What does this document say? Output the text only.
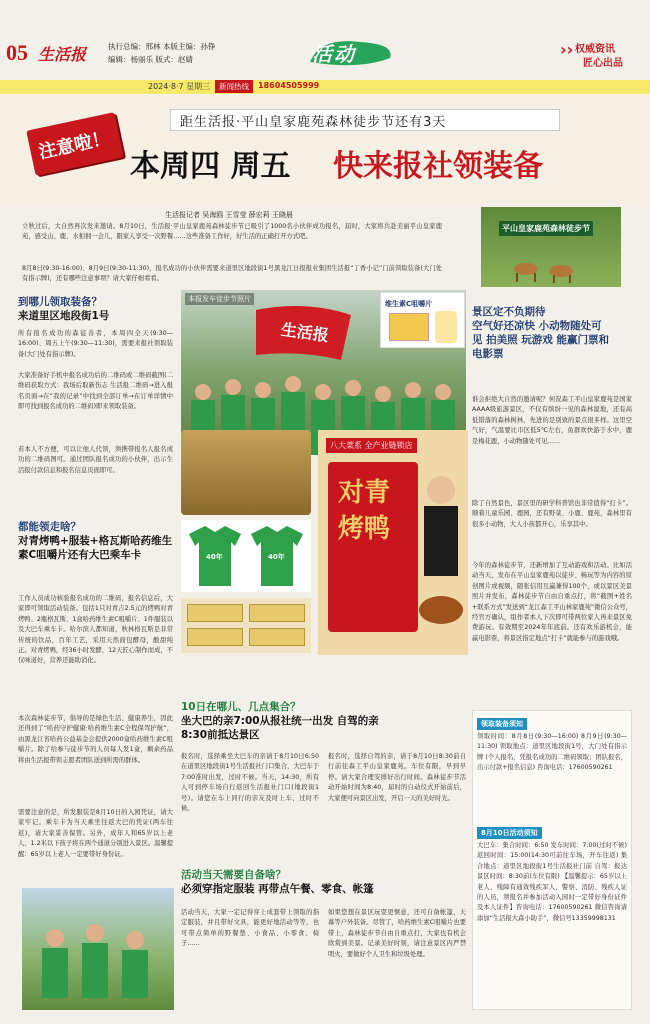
05 生活报	执行总编：邢林 本版主编：孙铮
编辑：杨丽乐 版式：赵婧	活动	›› 权威资讯
匠心出品
2024·8·7 星期三	新闻热线	18604505999
距生活报·平山皇家鹿苑森林徒步节还有3天
注意啦！
本周四 周五 快来报社领装备
生活报记者 吴海鸥 王雪莹 薛宏莉 王晓晨
立秋过后，大自然再次发来邀请。8月10日，生活报·平山皇家鹿苑森林徒步节已吸引了1000名小伙伴成功报名，届时，大家将共赴美丽平山皇家鹿苑，感受山、鹿、水相拥一会儿，跟家人享受一次野餐……这些准备工作好，好生活的正确打开方式吧。
8月8日(9:30-16:00)、8月9日(9:30-11:30)，报名成功的小伙伴需要来道里区地段街1号黑龙江日报报业集团生活报“丁香小记”门前领取装备(大门处有指示牌)，还有哪些注意事项？请大家仔细看看。
平山皇家鹿苑森林徒步节
本报发车徒步节照片
生活报
维生素C咀嚼片
40年	40年
八大菜系 全产业链锁店
对青烤鸭
到哪儿领取装备？
来道里区地段街1号
所有报名成功的森徒善者，本周四全天(9:30—16:00)、周五上午(9:30—11:30)，需要来报社领取装备(大门处有指示牌)。
大家准备好手机中报名成功后的二维码或二维码截图(二维码获取方式：我场后取新伤志 生活报二维码→进入报名页面→在“我的记录”中找到全部订单→在订单详情中即可找到报名成功的二维码)即来领取装备。
若本人不方便，可以让他人代领，须携带报名人报名成功的二维码图可。通过团队报名成功的小伙伴，出示生活报付款信息和报名信息页面即可。
都能领走啥？
对青烤鸭+服装+格瓦斯哈药维生素C咀嚼片还有大巴乘车卡
工作人员成功核验报名成功的二维码，报名信息后，大家即可领取活动装备。包括1只对青吉2.5元的烤鸭对青烤鸭、2瓶格瓦斯、1盒哈药维生素C咀嚼片、1件服装以及大巴车乘车卡。哈尔滨人都知道，秋林格瓦斯是非常传统的饮品，百年工艺，采用天然面包酵母，酸甜纯正。对青烤鸭，经36小时发酵，12天匠心制作而成，不仅味道好，营养还能助消化。
本次森林徒步节，倡导的是绿色生活、健康养生，因此还得到了“哈药守护健康·哈药维生素C全程保驾护航”，由黑龙江省哈药公益基金会提供2000盒哈药维生素C咀嚼片。除了给参与徒步节的人员每人发1盒，剩余药品将由生活报带领志愿者团队送到所需的群体。
需要注意的是，所发服装是8月10日的入园凭证，请大家牢记。乘车卡为当天乘坐往返大巴的凭证(两车往返)，请大家妥善保管。另外，成年人和65岁以上老人、1.2米以下孩子将在两个通道分别进入景区。温馨提醒：65岁以上老人一定要带好身份证。
景区定不负期待
空气好还凉快 小动物随处可见 拍美照 玩游戏 能赢门票和电影票
谁会拒绝大自然的邀请呢？何况森工平山皇家鹿苑是国家AAAA级旅游景区，不仅有缤纷一见的森林湿地，还有高低错落的森林树林，先进的是别致的景点很多样。这里空气好，气温要比市区低5℃左右，鱼群欢快游于水中，鹿是梅花鹿，小动物随处可见……
除了自然景色，景区里的研学科普馆也非常值得“打卡”。顺着儿童乐园、鹿园，还有野菜、小鹿、鹿苑，森林里有很多小动物，大人小孩都开心，乐享其中。
今年的森林徒步节，还新增加了互动游戏和活动。比如活动当天，发布在平山皇家鹿苑以徒步、畅玩等为内容的原创图片或视频，随张信用互赢兼得100个，或以景区美景照片并发布，森林徒步节自由自重点打，将“截图+姓名+联系方式”发送到“龙江森工平山林家鹿苑”微信公众号，经官方确认，组作者本人下次即可带两位家人再来景区免费游玩。有效期至2024年年底前。还有欢乐游机会，能赢电影票，将景区指定地点“打卡”就能参与的游戏哦。
领取装备须知
领取时间：8月8日(9:30—16:00) 8月9日(9:30—11:30) 领取地点：道里区地段街1号，大门处有指示牌 (个人报名，凭报名成功的二维码领取；团队报名，出示付款+报名信息) 咨询电话：17600590261
8月10日活动须知
大巴车：集合时间：6:50 发车时间：7:00(过时不候) 返回时间：15:00(14:30可前往车场，开车往返) 集合地点：道里区地段街1号生活报社门前 自驾：报达景区时间：8:30前(车位有限) 【温馨提示：65岁以上老人、残障有通效残疾军人、警察、消防、残疾人证的人员，须报名并参加活动入园时一定带好身份证件及本人证件】咨询电话：17600590261 微信咨询请添加“生活报大森小助手”，微信号13359998131
10日在哪儿、几点集合？
坐大巴的亲7:00从报社统一出发 自驾的亲8:30前抵达景区
报名时，选择乘坐大巴车的亲请于8月10日6:50在道里区地段街1号生活报社门口集合，大巴车于7:00准时出发，过时不候。当天，14:30，所有人可到停车场自行返回生活报社门口(地段街1号)。请您在车上同行的亲友及时上车，过时不候。
报名时，选择自驾的亲，请于8月10日8:30前自行前往森工平山皇家鹿苑。车位有限，早到早停。请大家合理安排好出行时间。森林徒步节活动开始时间为8:40，届时的自动仪式开始前后，大家便可向景区出发，开启一天的美好时光。
活动当天需要自备啥？
必须穿指定服装 再带点午餐、零食、帐篷
活动当天，大家一定记得穿上成套带上领取的指定服装，并且带好文具，能更好地活动等等，也可带点简单的野餐垫、小食品、小零食、椅子……
如果您想在景区玩耍更惬意，还可自备帐篷、天幕等户外装备。尽管了，哈药维生素C咀嚼片也要带上，森林徒步节自由自重点打，大家也有机会欣赏到美景。记录美好时刻，请注意景区内严禁明火，要做好个人卫生和垃圾处理。
